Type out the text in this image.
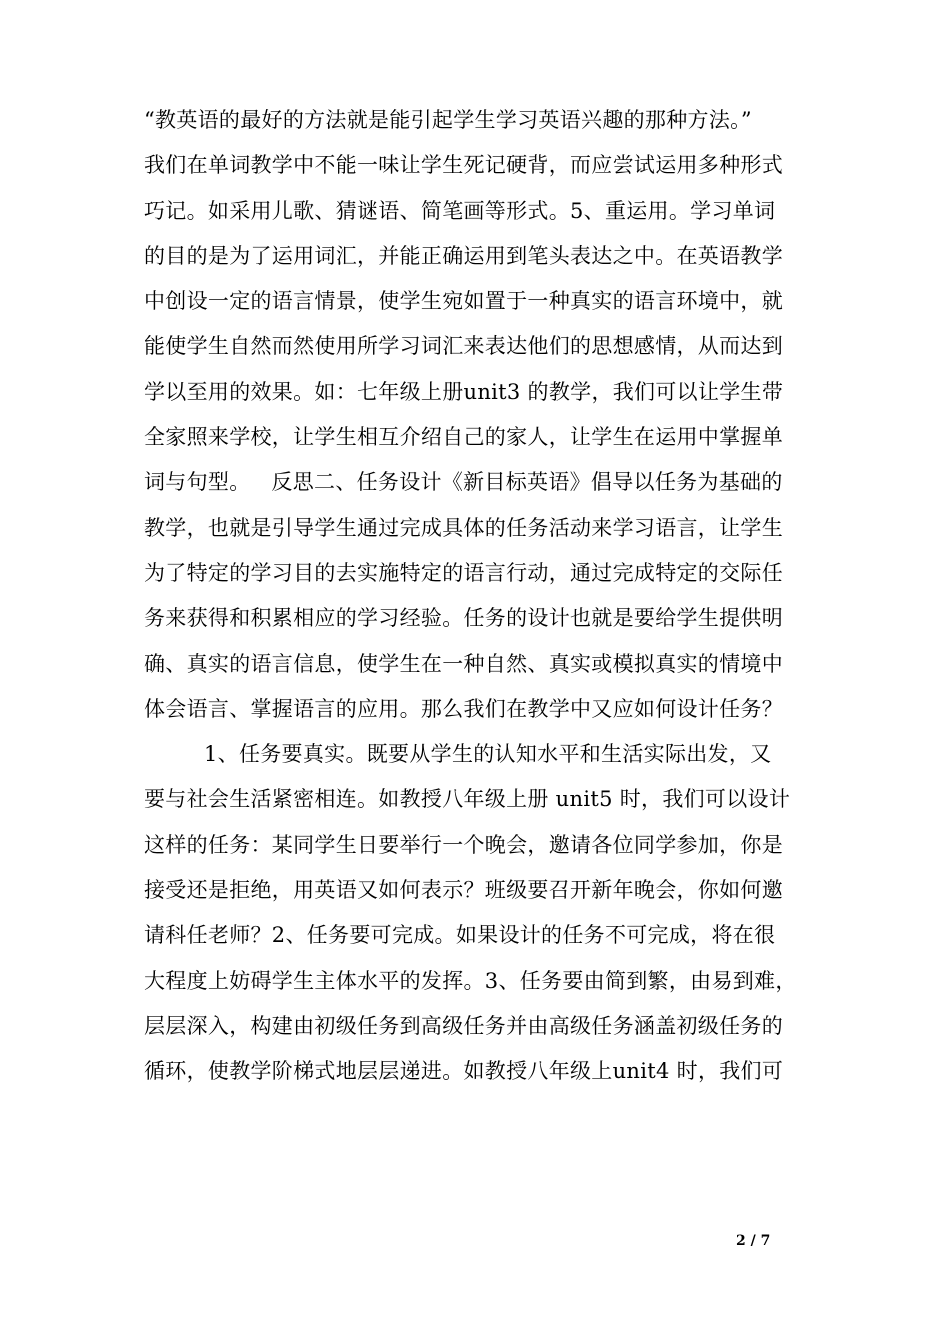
“教英语的最好的方法就是能引起学生学习英语兴趣的那种方法。”
我们在单词教学中不能一味让学生死记硬背，而应尝试运用多种形式
巧记。如采用儿歌、猜谜语、简笔画等形式。5、重运用。学习单词
的目的是为了运用词汇，并能正确运用到笔头表达之中。在英语教学
中创设一定的语言情景，使学生宛如置于一种真实的语言环境中，就
能使学生自然而然使用所学习词汇来表达他们的思想感情，从而达到
学以至用的效果。如：七年级上册unit3 的教学，我们可以让学生带
全家照来学校，让学生相互介绍自己的家人，让学生在运用中掌握单
词与句型。   反思二、任务设计《新目标英语》倡导以任务为基础的
教学，也就是引导学生通过完成具体的任务活动来学习语言，让学生
为了特定的学习目的去实施特定的语言行动，通过完成特定的交际任
务来获得和积累相应的学习经验。任务的设计也就是要给学生提供明
确、真实的语言信息，使学生在一种自然、真实或模拟真实的情境中
体会语言、掌握语言的应用。那么我们在教学中又应如何设计任务？
1、任务要真实。既要从学生的认知水平和生活实际出发，又
要与社会生活紧密相连。如教授八年级上册 unit5 时，我们可以设计
这样的任务：某同学生日要举行一个晚会，邀请各位同学参加，你是
接受还是拒绝，用英语又如何表示？班级要召开新年晚会，你如何邀
请科任老师？2、任务要可完成。如果设计的任务不可完成，将在很
大程度上妨碍学生主体水平的发挥。3、任务要由简到繁，由易到难，
层层深入，构建由初级任务到高级任务并由高级任务涵盖初级任务的
循环，使教学阶梯式地层层递进。如教授八年级上unit4 时，我们可
2 / 7
